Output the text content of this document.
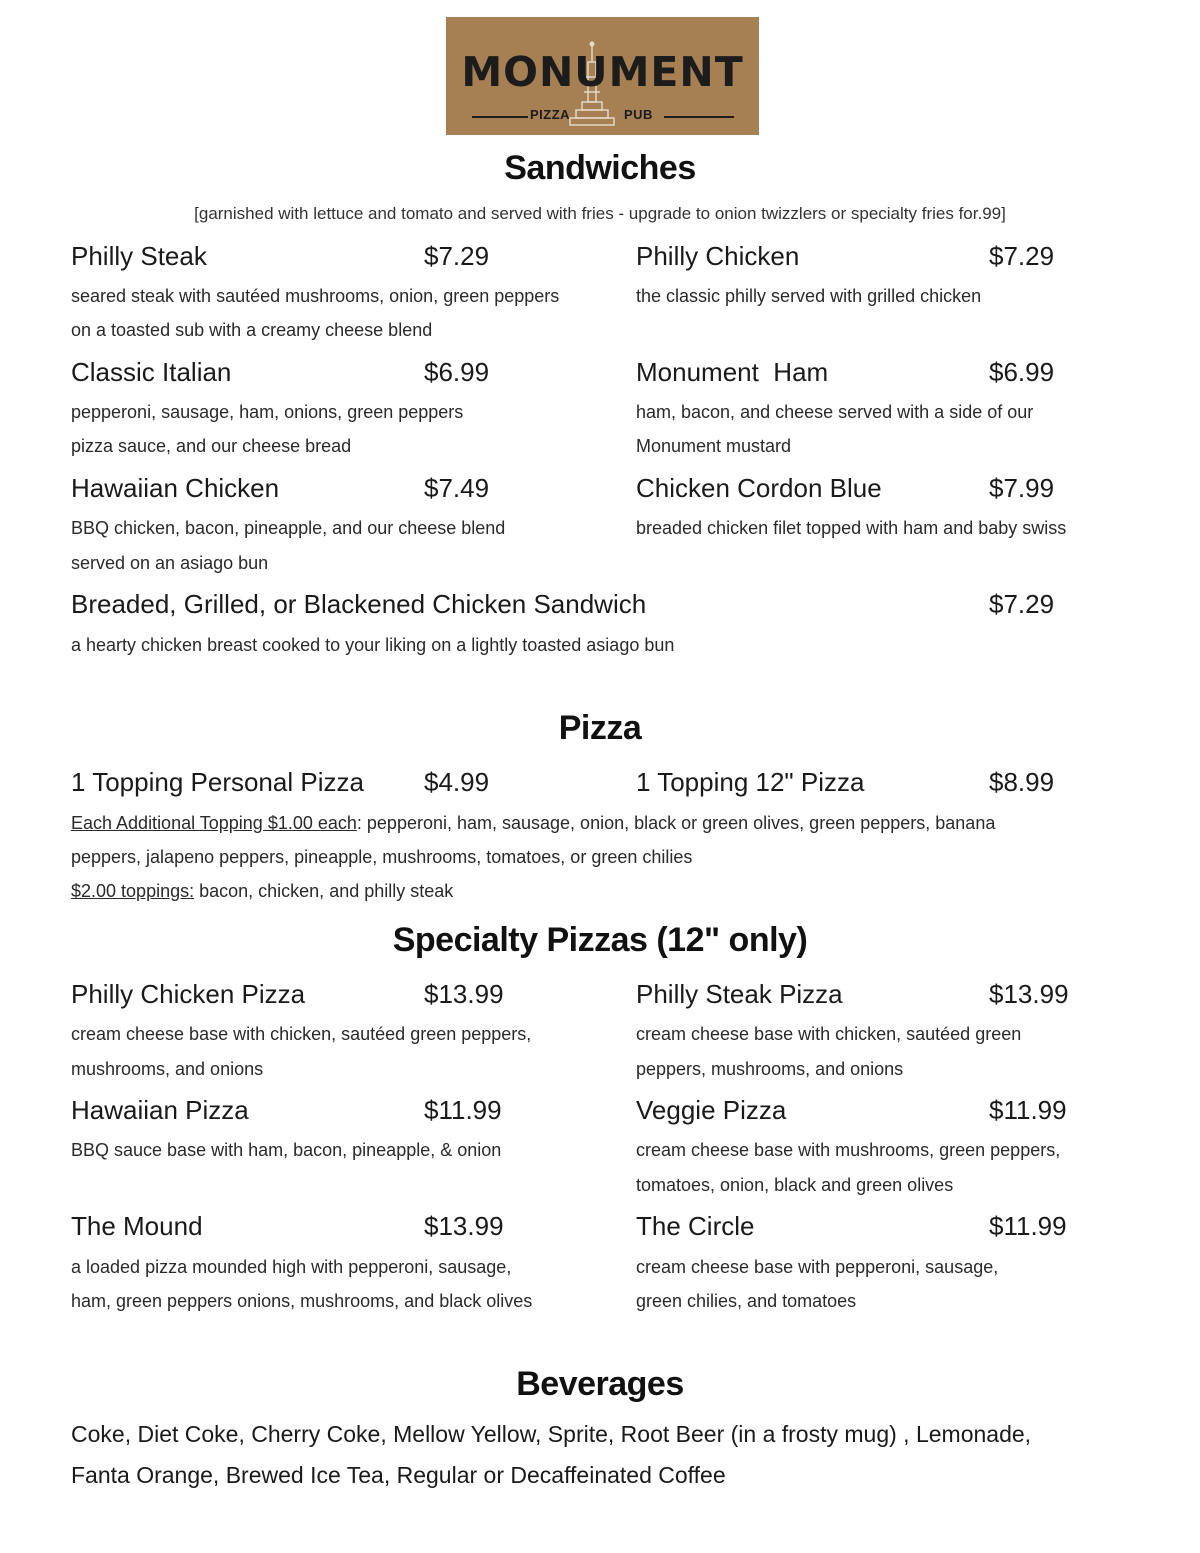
MONUMENT
PIZZA	PUB
Sandwiches
[garnished with lettuce and tomato and served with fries - upgrade to onion twizzlers or specialty fries for.99]
Philly Steak	$7.29
seared steak with sautéed mushrooms, onion, green peppers
on a toasted sub with a creamy cheese blend
Philly Chicken	$7.29
the classic philly served with grilled chicken
Classic Italian	$6.99
pepperoni, sausage, ham, onions, green peppers
pizza sauce, and our cheese bread
Monument  Ham	$6.99
ham, bacon, and cheese served with a side of our
Monument mustard
Hawaiian Chicken	$7.49
BBQ chicken, bacon, pineapple, and our cheese blend
served on an asiago bun
Chicken Cordon Blue	$7.99
breaded chicken filet topped with ham and baby swiss
Breaded, Grilled, or Blackened Chicken Sandwich	$7.29
a hearty chicken breast cooked to your liking on a lightly toasted asiago bun
Pizza
1 Topping Personal Pizza $4.99	1 Topping 12" Pizza	$8.99
Each Additional Topping $1.00 each: pepperoni, ham, sausage, onion, black or green olives, green peppers, banana
peppers, jalapeno peppers, pineapple, mushrooms, tomatoes, or green chilies
$2.00 toppings: bacon, chicken, and philly steak
Specialty Pizzas (12" only)
Philly Chicken Pizza	$13.99
cream cheese base with chicken, sautéed green peppers,
mushrooms, and onions
Philly Steak Pizza	$13.99
cream cheese base with chicken, sautéed green
peppers, mushrooms, and onions
Hawaiian Pizza	$11.99
BBQ sauce base with ham, bacon, pineapple, & onion
Veggie Pizza	$11.99
cream cheese base with mushrooms, green peppers,
tomatoes, onion, black and green olives
The Mound	$13.99
a loaded pizza mounded high with pepperoni, sausage,
ham, green peppers onions, mushrooms, and black olives
The Circle	$11.99
cream cheese base with pepperoni, sausage,
green chilies, and tomatoes
Beverages
Coke, Diet Coke, Cherry Coke, Mellow Yellow, Sprite, Root Beer (in a frosty mug) , Lemonade,
Fanta Orange, Brewed Ice Tea, Regular or Decaffeinated Coffee
